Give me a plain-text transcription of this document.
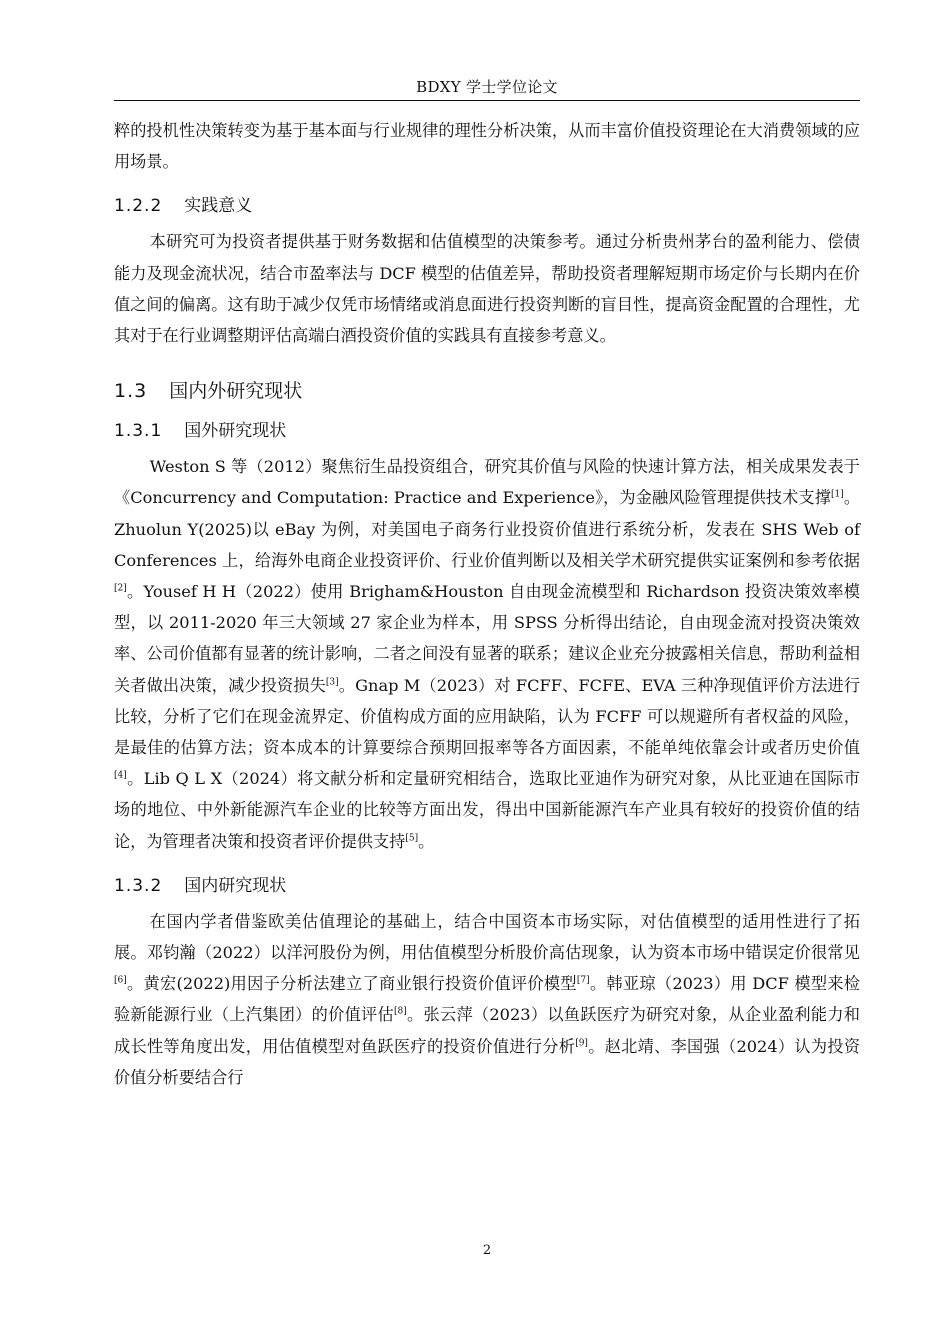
BDXY 学士学位论文

粹的投机性决策转变为基于基本面与行业规律的理性分析决策，从而丰富价值投资理论在大消费领域的应用场景。

1.2.2 实践意义

本研究可为投资者提供基于财务数据和估值模型的决策参考。通过分析贵州茅台的盈利能力、偿债能力及现金流状况，结合市盈率法与 DCF 模型的估值差异，帮助投资者理解短期市场定价与长期内在价值之间的偏离。这有助于减少仅凭市场情绪或消息面进行投资判断的盲目性，提高资金配置的合理性，尤其对于在行业调整期评估高端白酒投资价值的实践具有直接参考意义。

1.3 国内外研究现状
1.3.1 国外研究现状

Weston S 等（2012）聚焦衍生品投资组合，研究其价值与风险的快速计算方法，相关成果发表于《Concurrency and Computation: Practice and Experience》，为金融风险管理提供技术支撑[1]。Zhuolun Y(2025)以 eBay 为例，对美国电子商务行业投资价值进行系统分析，发表在 SHS Web of Conferences 上，给海外电商企业投资评价、行业价值判断以及相关学术研究提供实证案例和参考依据[2]。Yousef H H（2022）使用 Brigham&Houston 自由现金流模型和 Richardson 投资决策效率模型，以 2011-2020 年三大领域 27 家企业为样本，用 SPSS 分析得出结论，自由现金流对投资决策效率、公司价值都有显著的统计影响，二者之间没有显著的联系；建议企业充分披露相关信息，帮助利益相关者做出决策，减少投资损失[3]。Gnap M（2023）对 FCFF、FCFE、EVA 三种净现值评价方法进行比较，分析了它们在现金流界定、价值构成方面的应用缺陷，认为 FCFF 可以规避所有者权益的风险，是最佳的估算方法；资本成本的计算要综合预期回报率等各方面因素，不能单纯依靠会计或者历史价值[4]。Lib Q L X（2024）将文献分析和定量研究相结合，选取比亚迪作为研究对象，从比亚迪在国际市场的地位、中外新能源汽车企业的比较等方面出发，得出中国新能源汽车产业具有较好的投资价值的结论，为管理者决策和投资者评价提供支持[5]。

1.3.2 国内研究现状

在国内学者借鉴欧美估值理论的基础上，结合中国资本市场实际，对估值模型的适用性进行了拓展。邓钧瀚（2022）以洋河股份为例，用估值模型分析股价高估现象，认为资本市场中错误定价很常见[6]。黄宏(2022)用因子分析法建立了商业银行投资价值评价模型[7]。韩亚琼（2023）用 DCF 模型来检验新能源行业（上汽集团）的价值评估[8]。张云萍（2023）以鱼跃医疗为研究对象，从企业盈利能力和成长性等角度出发，用估值模型对鱼跃医疗的投资价值进行分析[9]。赵北靖、李国强（2024）认为投资价值分析要结合行

2
